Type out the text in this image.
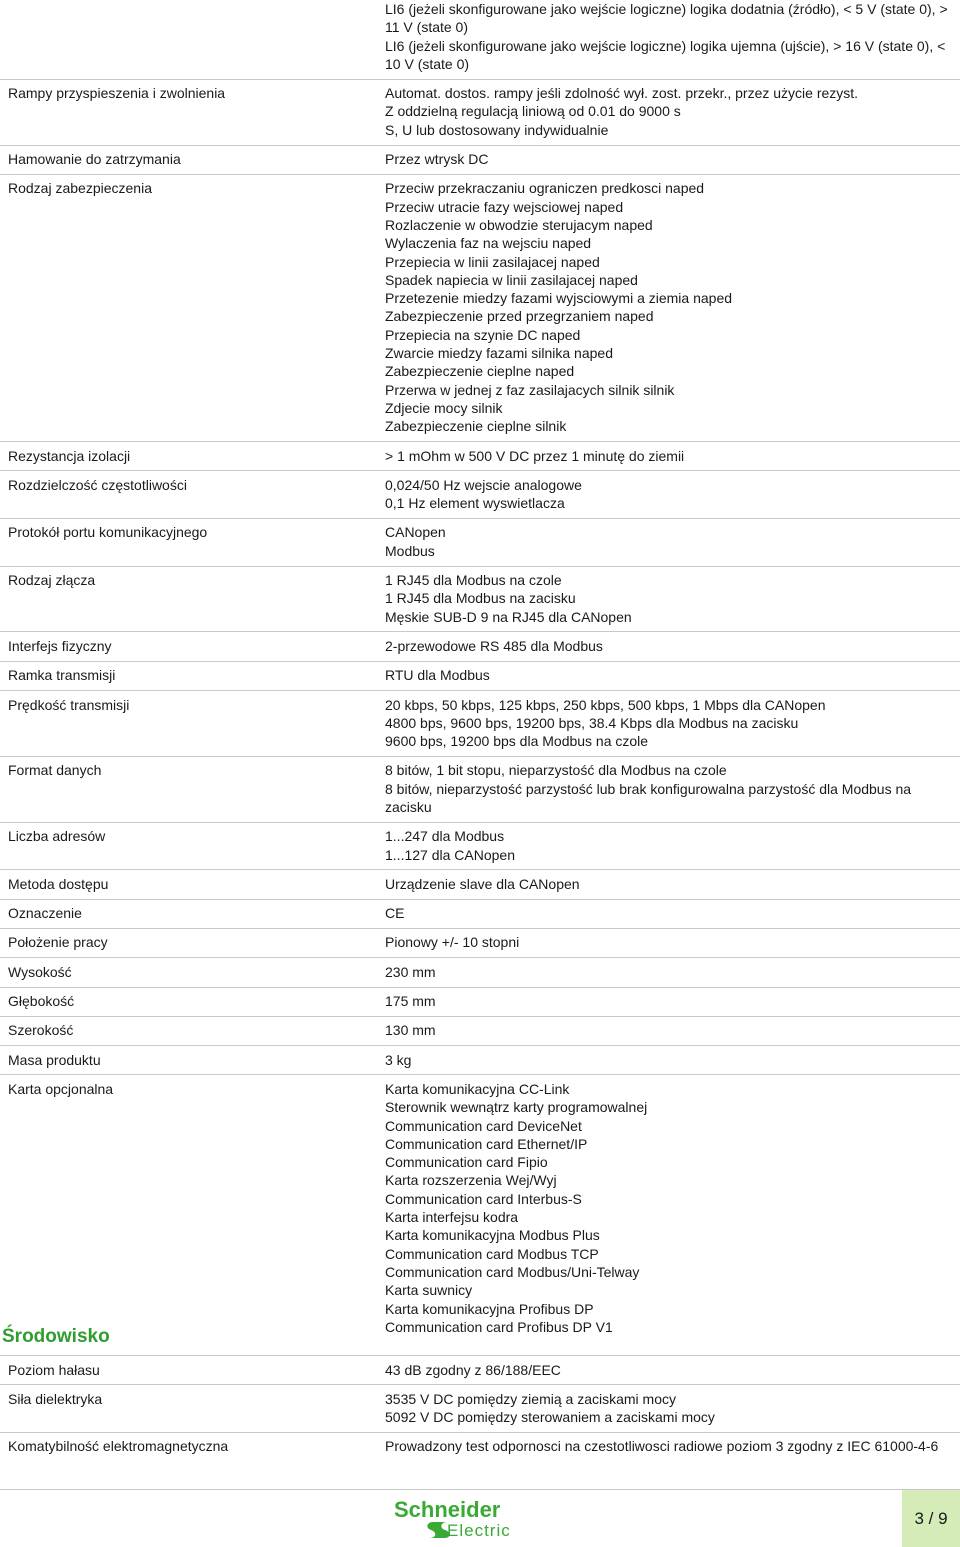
LI6 (jeżeli skonfigurowane jako wejście logiczne) logika dodatnia (źródło), < 5 V (state 0), > 11 V (state 0)
LI6 (jeżeli skonfigurowane jako wejście logiczne) logika ujemna (ujście), > 16 V (state 0), < 10 V (state 0)
Rampy przyspieszenia i zwolnienia	Automat. dostos. rampy jeśli zdolność wył. zost. przekr., przez użycie rezyst.
Z oddzielną regulacją liniową od 0.01 do 9000 s
S, U lub dostosowany indywidualnie
Hamowanie do zatrzymania	Przez wtrysk DC
Rodzaj zabezpieczenia	Przeciw przekraczaniu ograniczen predkosci naped
Przeciw utracie fazy wejsciowej naped
Rozlaczenie w obwodzie sterujacym naped
Wylaczenia faz na wejsciu naped
Przepiecia w linii zasilajacej naped
Spadek napiecia w linii zasilajacej naped
Przetezenie miedzy fazami wyjsciowymi a ziemia naped
Zabezpieczenie przed przegrzaniem naped
Przepiecia na szynie DC naped
Zwarcie miedzy fazami silnika naped
Zabezpieczenie cieplne naped
Przerwa w jednej z faz zasilajacych silnik silnik
Zdjecie mocy silnik
Zabezpieczenie cieplne silnik
Rezystancja izolacji	> 1 mOhm w 500 V DC przez 1 minutę do ziemii
Rozdzielczość częstotliwości	0,024/50 Hz wejscie analogowe
0,1 Hz element wyswietlacza
Protokół portu komunikacyjnego	CANopen
Modbus
Rodzaj złącza	1 RJ45 dla Modbus na czole
1 RJ45 dla Modbus na zacisku
Męskie SUB-D 9 na RJ45 dla CANopen
Interfejs fizyczny	2-przewodowe RS 485 dla Modbus
Ramka transmisji	RTU dla Modbus
Prędkość transmisji	20 kbps, 50 kbps, 125 kbps, 250 kbps, 500 kbps, 1 Mbps dla CANopen
4800 bps, 9600 bps, 19200 bps, 38.4 Kbps dla Modbus na zacisku
9600 bps, 19200 bps dla Modbus na czole
Format danych	8 bitów, 1 bit stopu, nieparzystość dla Modbus na czole
8 bitów, nieparzystość parzystość lub brak konfigurowalna parzystość dla Modbus na zacisku
Liczba adresów	1...247 dla Modbus
1...127 dla CANopen
Metoda dostępu	Urządzenie slave dla CANopen
Oznaczenie	CE
Położenie pracy	Pionowy +/- 10 stopni
Wysokość	230 mm
Głębokość	175 mm
Szerokość	130 mm
Masa produktu	3 kg
Karta opcjonalna	Karta komunikacyjna CC-Link
Sterownik wewnątrz karty programowalnej
Communication card DeviceNet
Communication card Ethernet/IP
Communication card Fipio
Karta rozszerzenia Wej/Wyj
Communication card Interbus-S
Karta interfejsu kodra
Karta komunikacyjna Modbus Plus
Communication card Modbus TCP
Communication card Modbus/Uni-Telway
Karta suwnicy
Karta komunikacyjna Profibus DP
Communication card Profibus DP V1
Środowisko
Poziom hałasu	43 dB zgodny z 86/188/EEC
Siła dielektryka	3535 V DC pomiędzy ziemią a zaciskami mocy
5092 V DC pomiędzy sterowaniem a zaciskami mocy
Komatybilność elektromagnetyczna	Prowadzony test odpornosci na czestotliwosci radiowe poziom 3 zgodny z IEC 61000-4-6
Schneider
Electric
3 / 9
